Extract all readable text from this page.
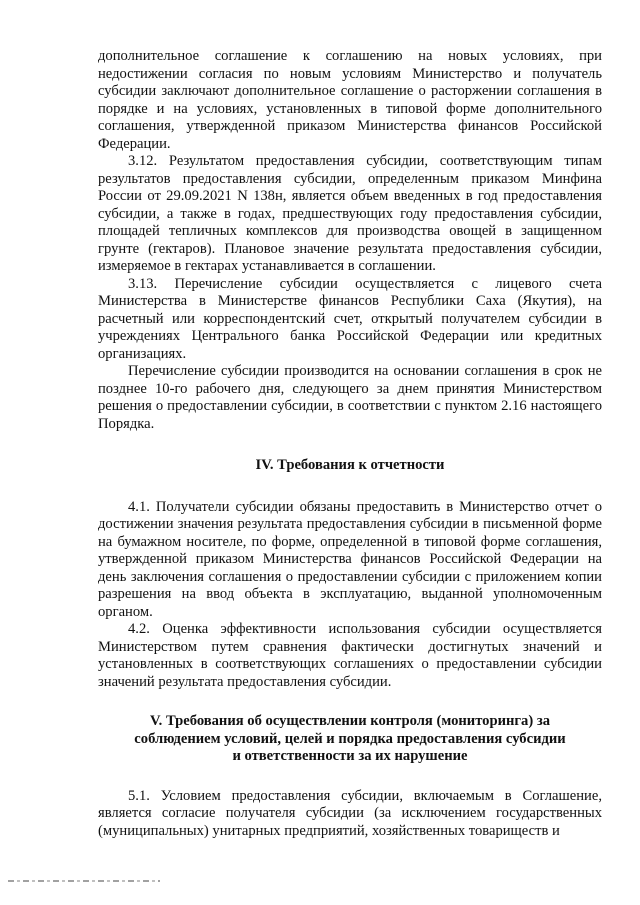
дополнительное соглашение к соглашению на новых условиях, при недостижении согласия по новым условиям Министерство и получатель субсидии заключают дополнительное соглашение о расторжении соглашения в порядке и на условиях, установленных в типовой форме дополнительного соглашения, утвержденной приказом Министерства финансов Российской Федерации.

3.12. Результатом предоставления субсидии, соответствующим типам результатов предоставления субсидии, определенным приказом Минфина России от 29.09.2021 N 138н, является объем введенных в год предоставления субсидии, а также в годах, предшествующих году предоставления субсидии, площадей тепличных комплексов для производства овощей в защищенном грунте (гектаров). Плановое значение результата предоставления субсидии, измеряемое в гектарах устанавливается в соглашении.

3.13. Перечисление субсидии осуществляется с лицевого счета Министерства в Министерстве финансов Республики Саха (Якутия), на расчетный или корреспондентский счет, открытый получателем субсидии в учреждениях Центрального банка Российской Федерации или кредитных организациях.

Перечисление субсидии производится на основании соглашения в срок не позднее 10-го рабочего дня, следующего за днем принятия Министерством решения о предоставлении субсидии, в соответствии с пунктом 2.16 настоящего Порядка.

IV. Требования к отчетности

4.1. Получатели субсидии обязаны предоставить в Министерство отчет о достижении значения результата предоставления субсидии в письменной форме на бумажном носителе, по форме, определенной в типовой форме соглашения, утвержденной приказом Министерства финансов Российской Федерации на день заключения соглашения о предоставлении субсидии с приложением копии разрешения на ввод объекта в эксплуатацию, выданной уполномоченным органом.

4.2. Оценка эффективности использования субсидии осуществляется Министерством путем сравнения фактически достигнутых значений и установленных в соответствующих соглашениях о предоставлении субсидии значений результата предоставления субсидии.

V. Требования об осуществлении контроля (мониторинга) за
соблюдением условий, целей и порядка предоставления субсидии
и ответственности за их нарушение

5.1. Условием предоставления субсидии, включаемым в Соглашение, является согласие получателя субсидии (за исключением государственных (муниципальных) унитарных предприятий, хозяйственных товариществ и
